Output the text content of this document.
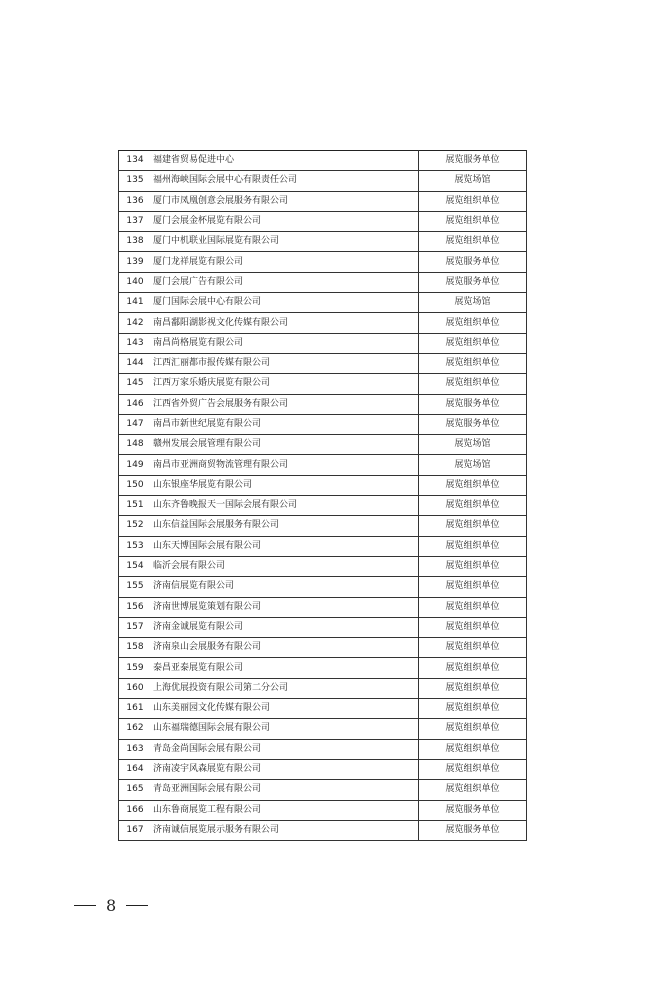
134	福建省贸易促进中心	展览服务单位
135	福州海峡国际会展中心有限责任公司	展览场馆
136	厦门市凤凰创意会展服务有限公司	展览组织单位
137	厦门会展金杯展览有限公司	展览组织单位
138	厦门中机联业国际展览有限公司	展览组织单位
139	厦门龙祥展览有限公司	展览服务单位
140	厦门会展广告有限公司	展览服务单位
141	厦门国际会展中心有限公司	展览场馆
142	南昌鄱阳湖影视文化传媒有限公司	展览组织单位
143	南昌尚格展览有限公司	展览组织单位
144	江西汇丽都市报传媒有限公司	展览组织单位
145	江西万家乐婚庆展览有限公司	展览组织单位
146	江西省外贸广告会展服务有限公司	展览服务单位
147	南昌市新世纪展览有限公司	展览服务单位
148	赣州发展会展管理有限公司	展览场馆
149	南昌市亚洲商贸物流管理有限公司	展览场馆
150	山东银座华展览有限公司	展览组织单位
151	山东齐鲁晚报天一国际会展有限公司	展览组织单位
152	山东信益国际会展服务有限公司	展览组织单位
153	山东天博国际会展有限公司	展览组织单位
154	临沂会展有限公司	展览组织单位
155	济南信展览有限公司	展览组织单位
156	济南世博展览策划有限公司	展览组织单位
157	济南金诚展览有限公司	展览组织单位
158	济南泉山会展服务有限公司	展览组织单位
159	泰昌亚泰展览有限公司	展览组织单位
160	上海优展投资有限公司第二分公司	展览组织单位
161	山东美丽园文化传媒有限公司	展览组织单位
162	山东福瑞德国际会展有限公司	展览组织单位
163	青岛金尚国际会展有限公司	展览组织单位
164	济南凌宇风森展览有限公司	展览组织单位
165	青岛亚洲国际会展有限公司	展览组织单位
166	山东鲁商展览工程有限公司	展览服务单位
167	济南诚信展览展示服务有限公司	展览服务单位
8
